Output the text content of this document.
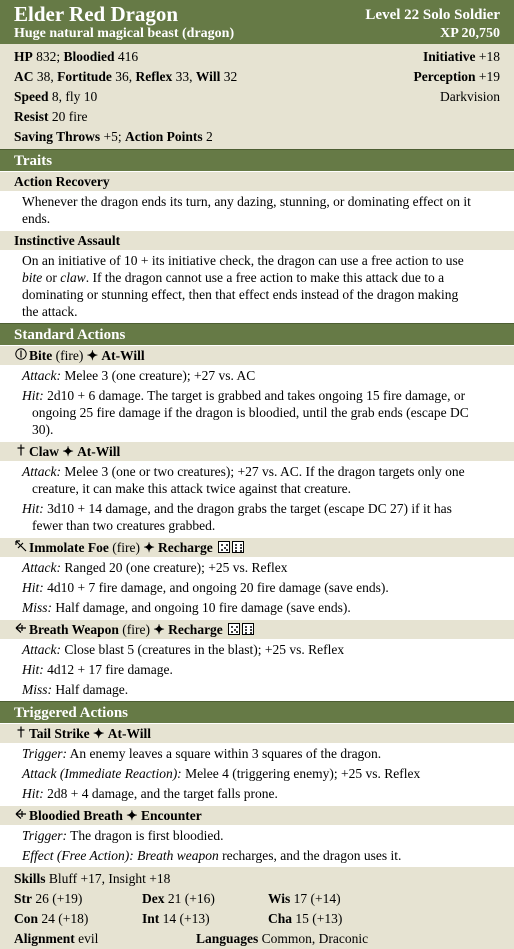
Elder Red Dragon
Huge natural magical beast (dragon)
Level 22 Solo Soldier
XP 20,750
HP 832; Bloodied 416	Initiative +18
AC 38, Fortitude 36, Reflex 33, Will 32	Perception +19
Speed 8, fly 10	Darkvision
Resist 20 fire
Saving Throws +5; Action Points 2
Traits
Action Recovery
Whenever the dragon ends its turn, any dazing, stunning, or dominating effect on it
ends.
Instinctive Assault
On an initiative of 10 + its initiative check, the dragon can use a free action to use
bite or claw. If the dragon cannot use a free action to make this attack due to a
dominating or stunning effect, then that effect ends instead of the dragon making
the attack.
Standard Actions
Bite (fire) ✦ At-Will
Attack: Melee 3 (one creature); +27 vs. AC
Hit: 2d10 + 6 damage. The target is grabbed and takes ongoing 15 fire damage, or
ongoing 25 fire damage if the dragon is bloodied, until the grab ends (escape DC
30).
Claw ✦ At-Will
Attack: Melee 3 (one or two creatures); +27 vs. AC. If the dragon targets only one
creature, it can make this attack twice against that creature.
Hit: 3d10 + 14 damage, and the dragon grabs the target (escape DC 27) if it has
fewer than two creatures grabbed.
Immolate Foe (fire) ✦ Recharge
Attack: Ranged 20 (one creature); +25 vs. Reflex
Hit: 4d10 + 7 fire damage, and ongoing 20 fire damage (save ends).
Miss: Half damage, and ongoing 10 fire damage (save ends).
Breath Weapon (fire) ✦ Recharge
Attack: Close blast 5 (creatures in the blast); +25 vs. Reflex
Hit: 4d12 + 17 fire damage.
Miss: Half damage.
Triggered Actions
Tail Strike ✦ At-Will
Trigger: An enemy leaves a square within 3 squares of the dragon.
Attack (Immediate Reaction): Melee 4 (triggering enemy); +25 vs. Reflex
Hit: 2d8 + 4 damage, and the target falls prone.
Bloodied Breath ✦ Encounter
Trigger: The dragon is first bloodied.
Effect (Free Action): Breath weapon recharges, and the dragon uses it.
Skills Bluff +17, Insight +18
Str 26 (+19)	Dex 21 (+16)	Wis 17 (+14)
Con 24 (+18)	Int 14 (+13)	Cha 15 (+13)
Alignment evil	Languages Common, Draconic
